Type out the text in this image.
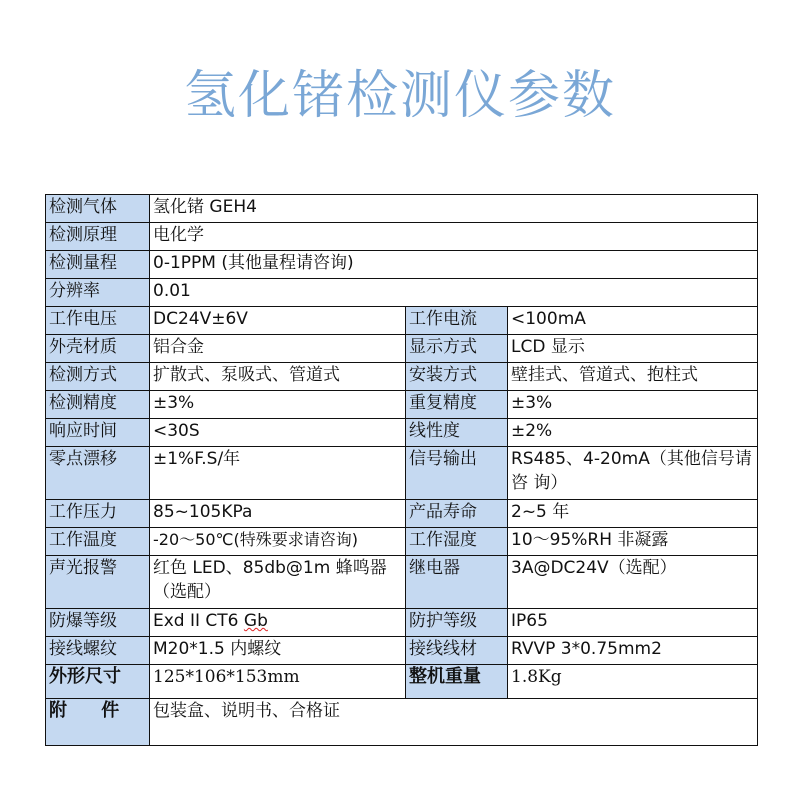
氢化锗检测仪参数
检测气体	氢化锗 GEH4		
检测原理	电化学		
检测量程	0-1PPM (其他量程请咨询)		
分辨率	0.01		
工作电压	DC24V±6V	工作电流	<100mA
外壳材质	铝合金	显示方式	LCD 显示
检测方式	扩散式、泵吸式、管道式	安装方式	壁挂式、管道式、抱柱式
检测精度	±3%	重复精度	±3%
响应时间	<30S	线性度	±2%
零点漂移	±1%F.S/年	信号输出	RS485、4-20mA（其他信号请咨 询）
工作压力	85~105KPa	产品寿命	2~5 年
工作温度	-20～50℃(特殊要求请咨询)	工作湿度	10～95%RH 非凝露
声光报警	红色 LED、85db@1m 蜂鸣器（选配）	继电器	3A@DC24V（选配）
防爆等级	Exd II CT6 Gb	防护等级	IP65
接线螺纹	M20*1.5 内螺纹	接线线材	RVVP 3*0.75mm2
外形尺寸	125*106*153mm	整机重量	1.8Kg
附 件	包装盒、说明书、合格证		
